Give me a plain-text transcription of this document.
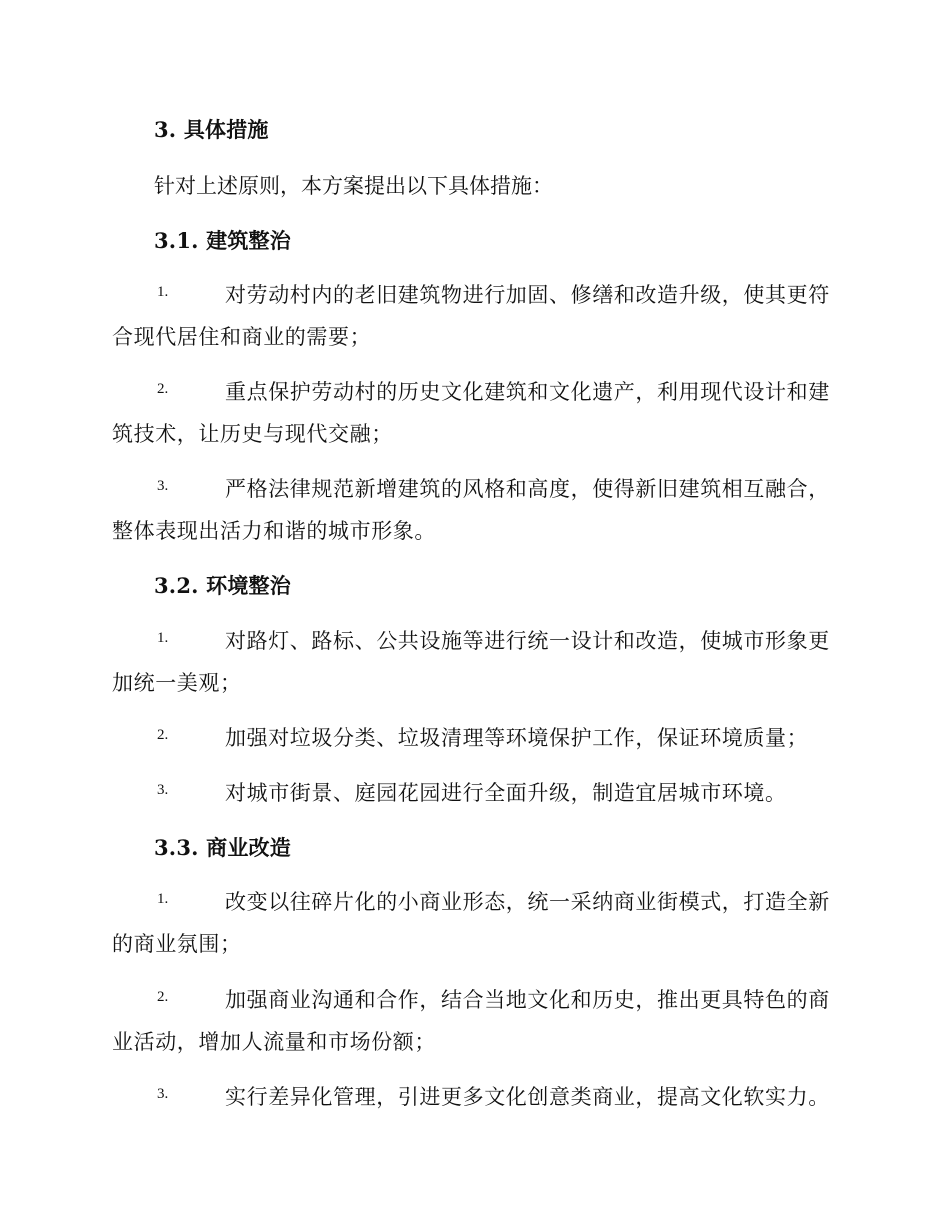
3. 具体措施
针对上述原则，本方案提出以下具体措施：
3.1. 建筑整治
1.	对劳动村内的老旧建筑物进行加固、修缮和改造升级，使其更符
合现代居住和商业的需要；
2.	重点保护劳动村的历史文化建筑和文化遗产，利用现代设计和建
筑技术，让历史与现代交融；
3.	严格法律规范新增建筑的风格和高度，使得新旧建筑相互融合，
整体表现出活力和谐的城市形象。
3.2. 环境整治
1.	对路灯、路标、公共设施等进行统一设计和改造，使城市形象更
加统一美观；
2.	加强对垃圾分类、垃圾清理等环境保护工作，保证环境质量；
3.	对城市街景、庭园花园进行全面升级，制造宜居城市环境。
3.3. 商业改造
1.	改变以往碎片化的小商业形态，统一采纳商业街模式，打造全新
的商业氛围；
2.	加强商业沟通和合作，结合当地文化和历史，推出更具特色的商
业活动，增加人流量和市场份额；
3.	实行差异化管理，引进更多文化创意类商业，提高文化软实力。
